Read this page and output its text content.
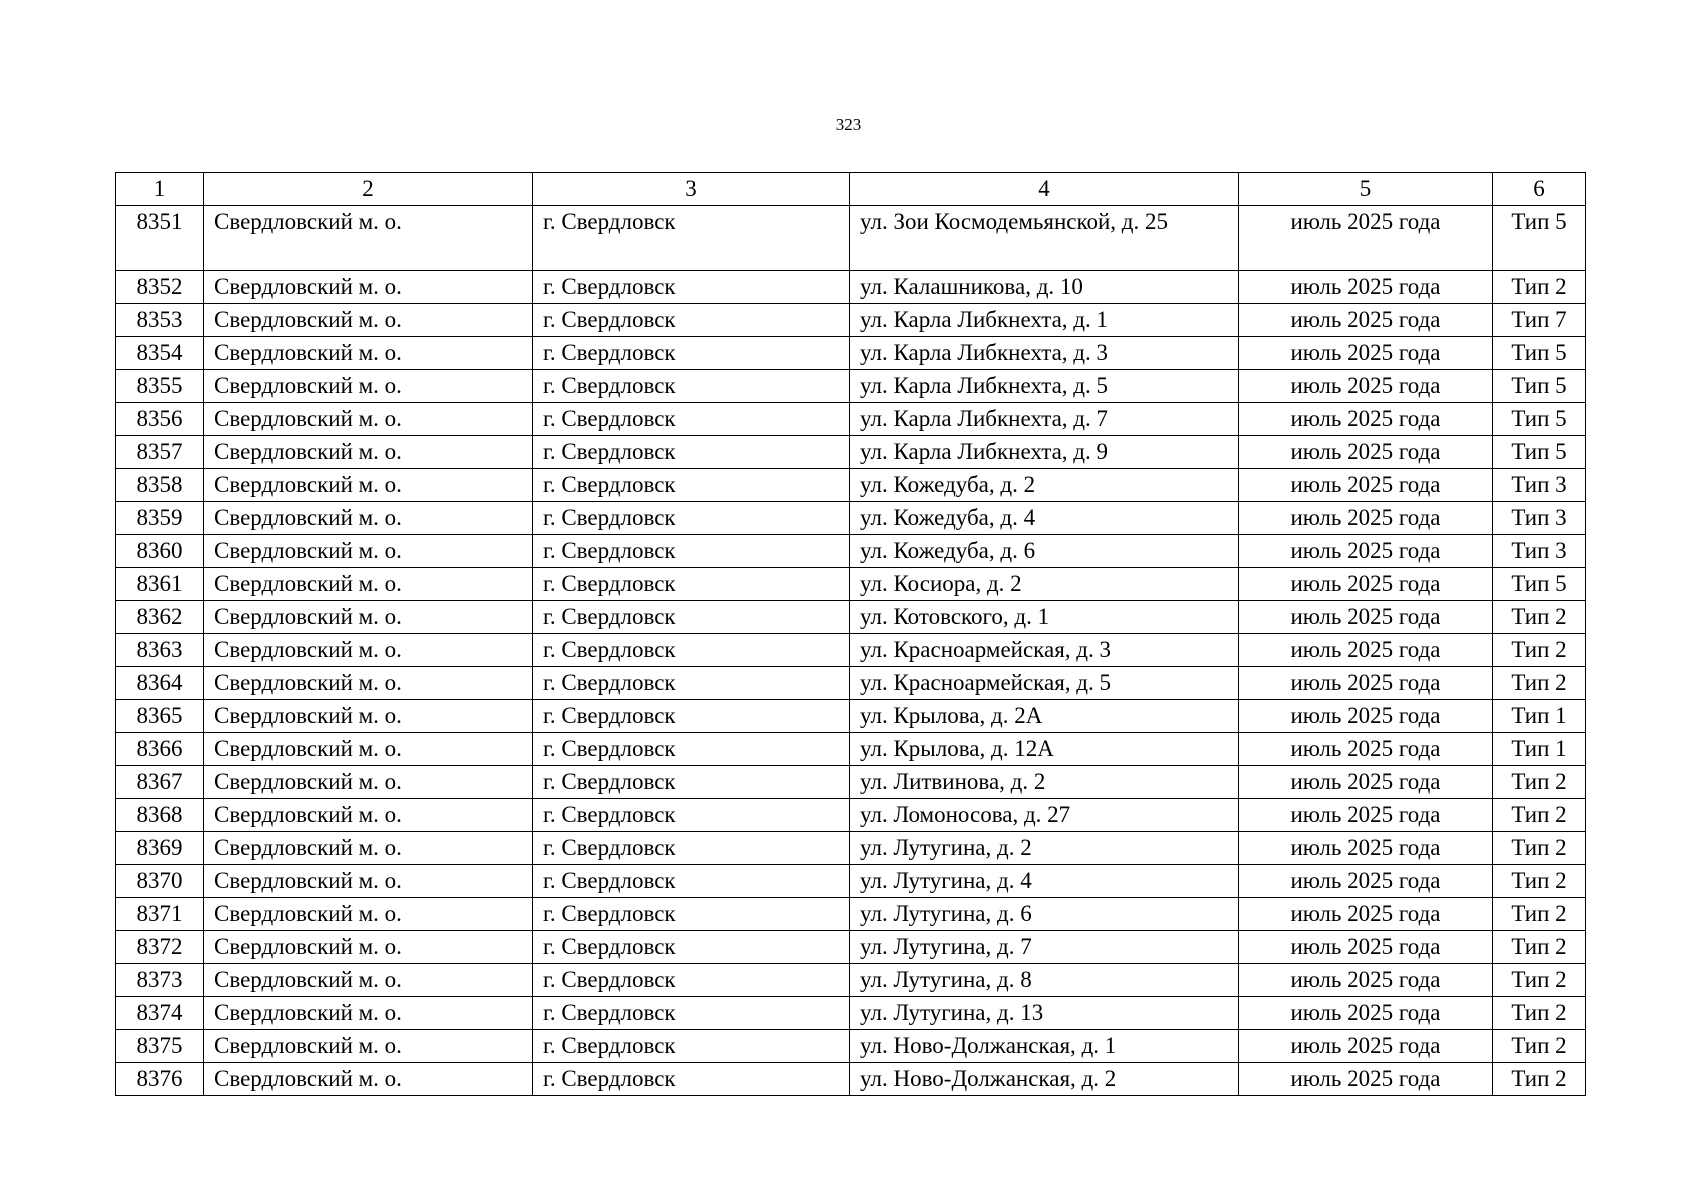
323
1	2	3	4	5	6
8351	Свердловский м. о.	г. Свердловск	ул. Зои Космодемьянской, д. 25	июль 2025 года	Тип 5
8352	Свердловский м. о.	г. Свердловск	ул. Калашникова, д. 10	июль 2025 года	Тип 2
8353	Свердловский м. о.	г. Свердловск	ул. Карла Либкнехта, д. 1	июль 2025 года	Тип 7
8354	Свердловский м. о.	г. Свердловск	ул. Карла Либкнехта, д. 3	июль 2025 года	Тип 5
8355	Свердловский м. о.	г. Свердловск	ул. Карла Либкнехта, д. 5	июль 2025 года	Тип 5
8356	Свердловский м. о.	г. Свердловск	ул. Карла Либкнехта, д. 7	июль 2025 года	Тип 5
8357	Свердловский м. о.	г. Свердловск	ул. Карла Либкнехта, д. 9	июль 2025 года	Тип 5
8358	Свердловский м. о.	г. Свердловск	ул. Кожедуба, д. 2	июль 2025 года	Тип 3
8359	Свердловский м. о.	г. Свердловск	ул. Кожедуба, д. 4	июль 2025 года	Тип 3
8360	Свердловский м. о.	г. Свердловск	ул. Кожедуба, д. 6	июль 2025 года	Тип 3
8361	Свердловский м. о.	г. Свердловск	ул. Косиора, д. 2	июль 2025 года	Тип 5
8362	Свердловский м. о.	г. Свердловск	ул. Котовского, д. 1	июль 2025 года	Тип 2
8363	Свердловский м. о.	г. Свердловск	ул. Красноармейская, д. 3	июль 2025 года	Тип 2
8364	Свердловский м. о.	г. Свердловск	ул. Красноармейская, д. 5	июль 2025 года	Тип 2
8365	Свердловский м. о.	г. Свердловск	ул. Крылова, д. 2А	июль 2025 года	Тип 1
8366	Свердловский м. о.	г. Свердловск	ул. Крылова, д. 12А	июль 2025 года	Тип 1
8367	Свердловский м. о.	г. Свердловск	ул. Литвинова, д. 2	июль 2025 года	Тип 2
8368	Свердловский м. о.	г. Свердловск	ул. Ломоносова, д. 27	июль 2025 года	Тип 2
8369	Свердловский м. о.	г. Свердловск	ул. Лутугина, д. 2	июль 2025 года	Тип 2
8370	Свердловский м. о.	г. Свердловск	ул. Лутугина, д. 4	июль 2025 года	Тип 2
8371	Свердловский м. о.	г. Свердловск	ул. Лутугина, д. 6	июль 2025 года	Тип 2
8372	Свердловский м. о.	г. Свердловск	ул. Лутугина, д. 7	июль 2025 года	Тип 2
8373	Свердловский м. о.	г. Свердловск	ул. Лутугина, д. 8	июль 2025 года	Тип 2
8374	Свердловский м. о.	г. Свердловск	ул. Лутугина, д. 13	июль 2025 года	Тип 2
8375	Свердловский м. о.	г. Свердловск	ул. Ново-Должанская, д. 1	июль 2025 года	Тип 2
8376	Свердловский м. о.	г. Свердловск	ул. Ново-Должанская, д. 2	июль 2025 года	Тип 2
